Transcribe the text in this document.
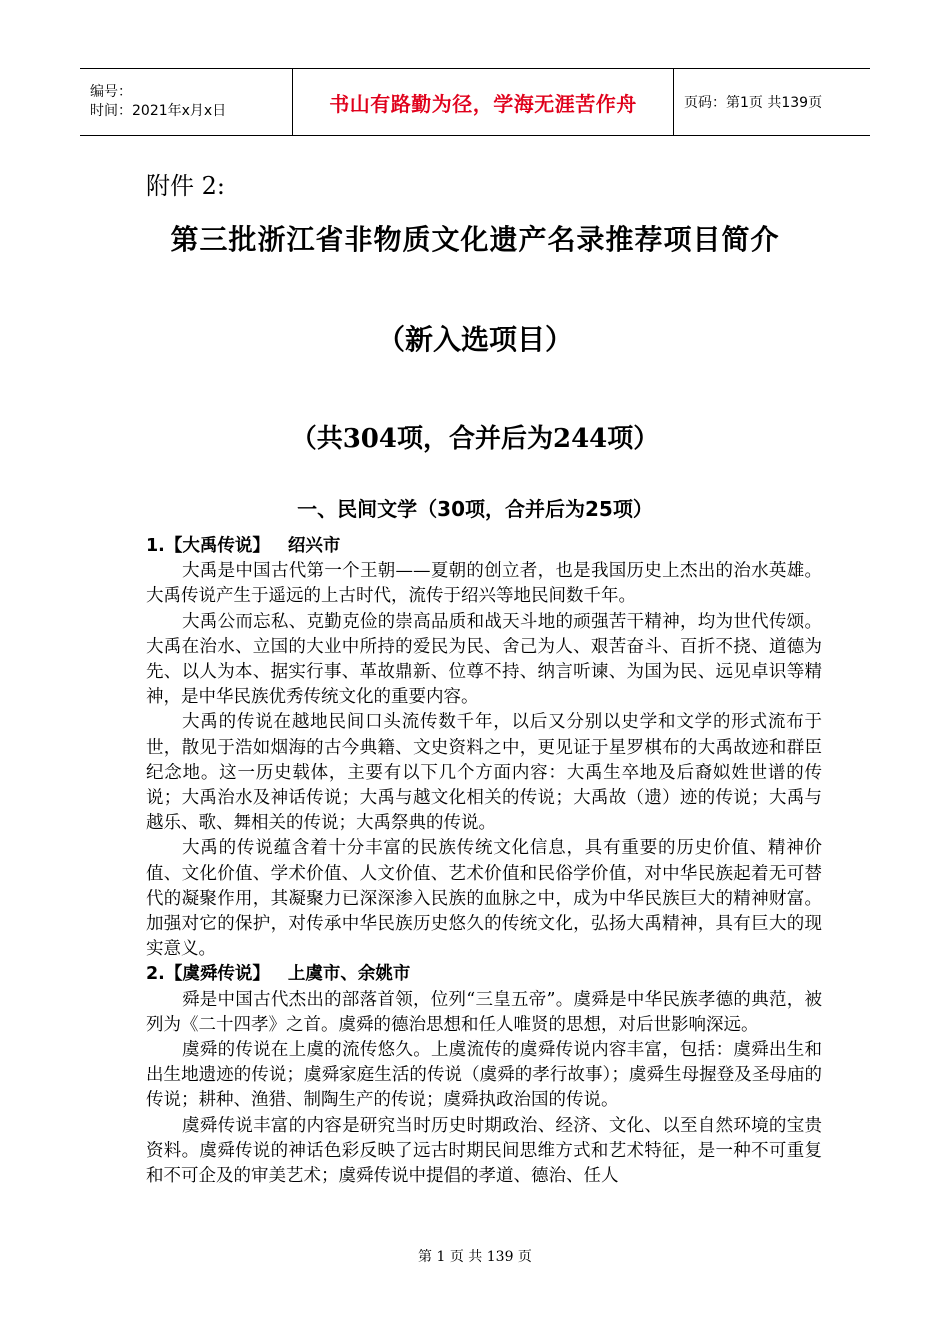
编号：
时间：2021年x月x日	书山有路勤为径，学海无涯苦作舟	页码：第1页 共139页
附件 2:
第三批浙江省非物质文化遗产名录推荐项目简介
（新入选项目）
（共304项，合并后为244项）
一、民间文学（30项，合并后为25项）
1.【大禹传说】 绍兴市

大禹是中国古代第一个王朝——夏朝的创立者，也是我国历史上杰出的治水英雄。大禹传说产生于遥远的上古时代，流传于绍兴等地民间数千年。

大禹公而忘私、克勤克俭的崇高品质和战天斗地的顽强苦干精神，均为世代传颂。大禹在治水、立国的大业中所持的爱民为民、舍己为人、艰苦奋斗、百折不挠、道德为先、以人为本、据实行事、革故鼎新、位尊不持、纳言听谏、为国为民、远见卓识等精神，是中华民族优秀传统文化的重要内容。

大禹的传说在越地民间口头流传数千年，以后又分别以史学和文学的形式流布于世，散见于浩如烟海的古今典籍、文史资料之中，更见证于星罗棋布的大禹故迹和群臣纪念地。这一历史载体，主要有以下几个方面内容：大禹生卒地及后裔姒姓世谱的传说；大禹治水及神话传说；大禹与越文化相关的传说；大禹故（遗）迹的传说；大禹与越乐、歌、舞相关的传说；大禹祭典的传说。

大禹的传说蕴含着十分丰富的民族传统文化信息，具有重要的历史价值、精神价值、文化价值、学术价值、人文价值、艺术价值和民俗学价值，对中华民族起着无可替代的凝聚作用，其凝聚力已深深渗入民族的血脉之中，成为中华民族巨大的精神财富。加强对它的保护，对传承中华民族历史悠久的传统文化，弘扬大禹精神，具有巨大的现实意义。

2.【虞舜传说】 上虞市、余姚市

舜是中国古代杰出的部落首领，位列“三皇五帝”。虞舜是中华民族孝德的典范，被列为《二十四孝》之首。虞舜的德治思想和任人唯贤的思想，对后世影响深远。

虞舜的传说在上虞的流传悠久。上虞流传的虞舜传说内容丰富，包括：虞舜出生和出生地遗迹的传说；虞舜家庭生活的传说（虞舜的孝行故事）；虞舜生母握登及圣母庙的传说；耕种、渔猎、制陶生产的传说；虞舜执政治国的传说。

虞舜传说丰富的内容是研究当时历史时期政治、经济、文化、以至自然环境的宝贵资料。虞舜传说的神话色彩反映了远古时期民间思维方式和艺术特征，是一种不可重复和不可企及的审美艺术；虞舜传说中提倡的孝道、德治、任人

第 1 页 共 139 页
